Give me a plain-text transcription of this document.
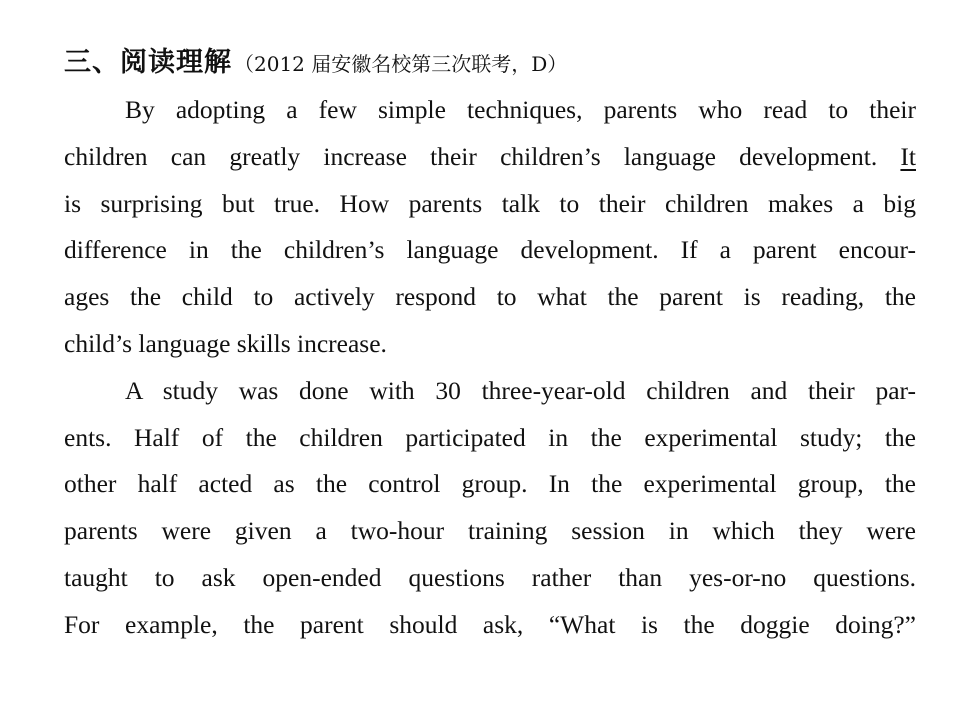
三、阅读理解 （2012 届安徽名校第三次联考，D）
By adopting a few simple techniques, parents who read to their
children can greatly increase their children’s language development. It
is surprising but true. How parents talk to their children makes a big
difference in the children’s language development. If a parent encour-
ages the child to actively respond to what the parent is reading, the
child’s language skills increase.
A study was done with 30 three-year-old children and their par-
ents. Half of the children participated in the experimental study; the
other half acted as the control group. In the experimental group, the
parents were given a two-hour training session in which they were
taught to ask open-ended questions rather than yes-or-no questions.
For example, the parent should ask, “What is the doggie doing?”
